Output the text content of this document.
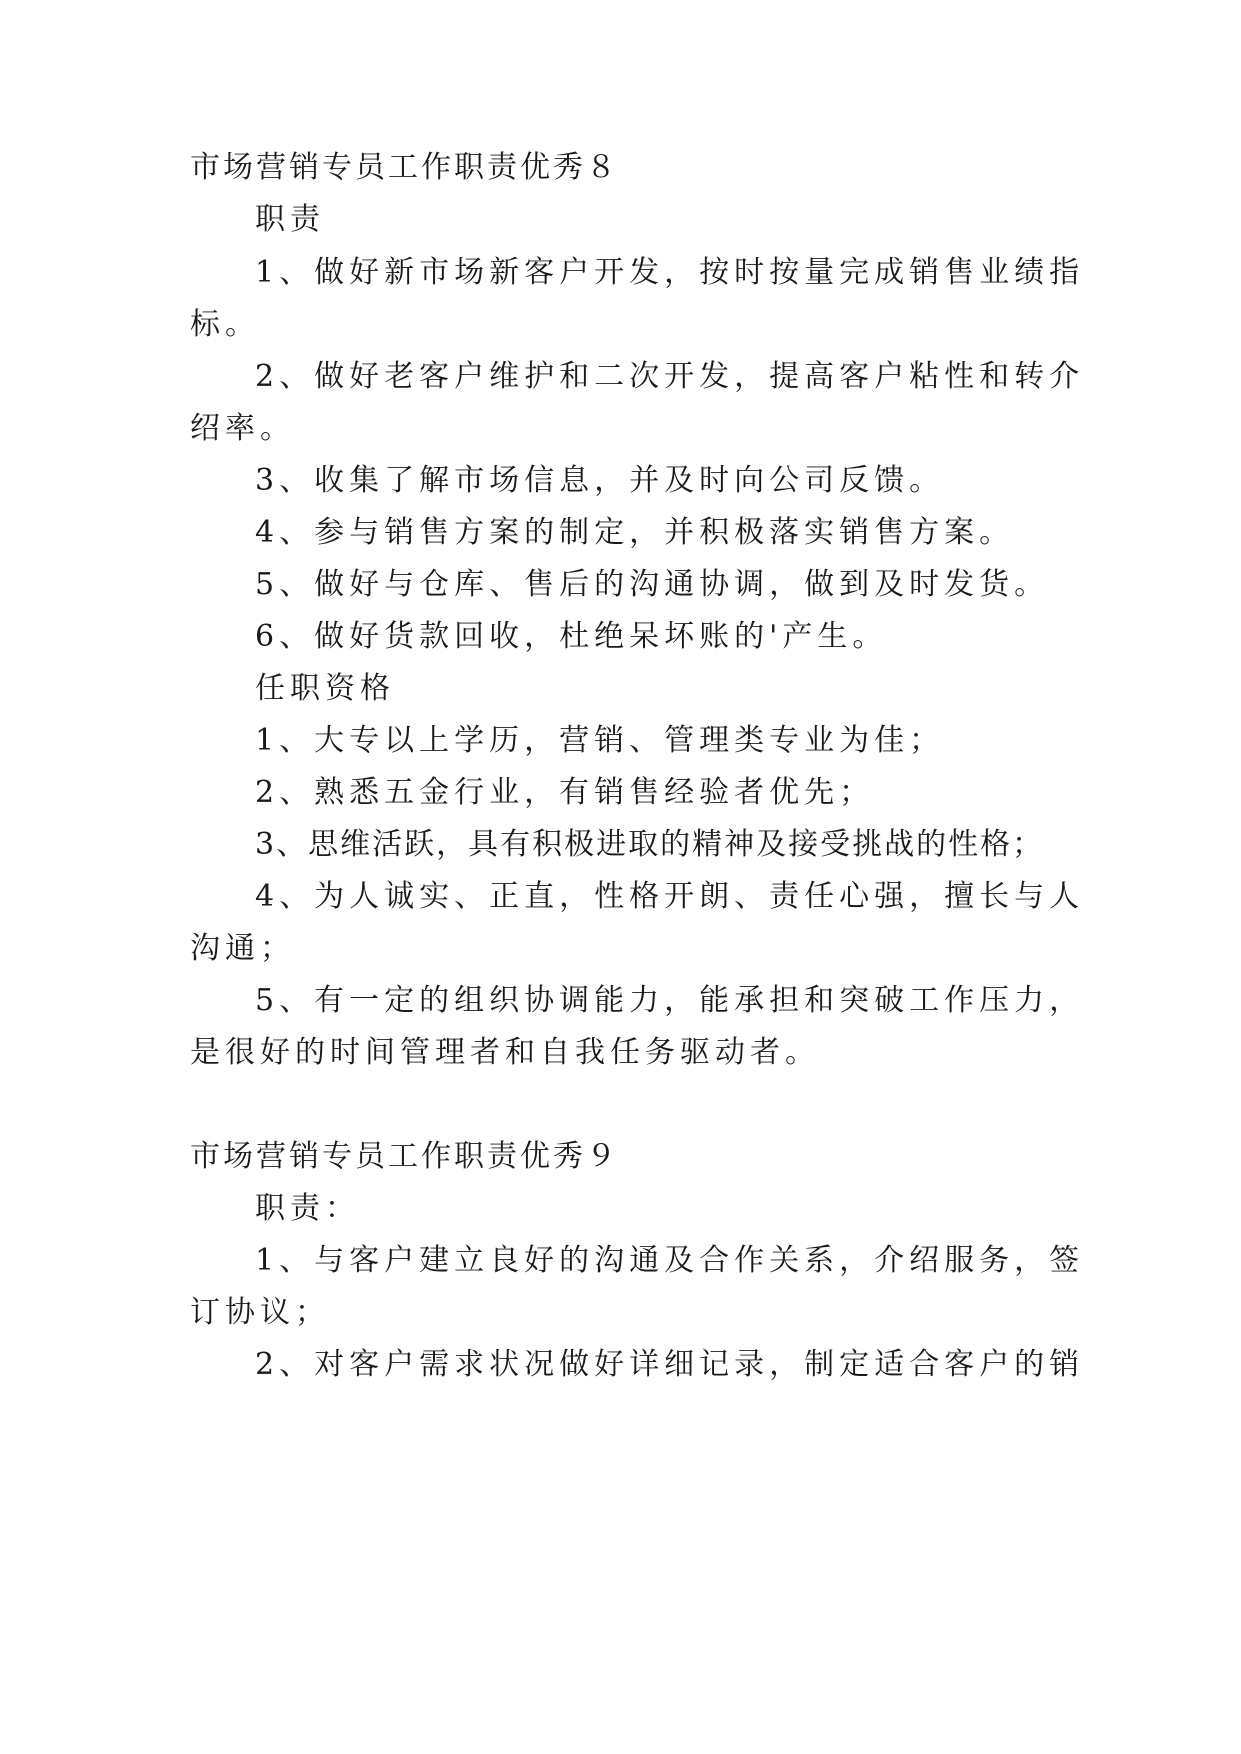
市场营销专员工作职责优秀８
职责
1、做好新市场新客户开发，按时按量完成销售业绩指
标。
2、做好老客户维护和二次开发，提高客户粘性和转介
绍率。
3、收集了解市场信息，并及时向公司反馈。
4、参与销售方案的制定，并积极落实销售方案。
5、做好与仓库、售后的沟通协调，做到及时发货。
6、做好货款回收，杜绝呆坏账的'产生。
任职资格
1、大专以上学历，营销、管理类专业为佳；
2、熟悉五金行业，有销售经验者优先；
3、思维活跃，具有积极进取的精神及接受挑战的性格；
4、为人诚实、正直，性格开朗、责任心强，擅长与人
沟通；
5、有一定的组织协调能力，能承担和突破工作压力，
是很好的时间管理者和自我任务驱动者。
市场营销专员工作职责优秀９
职责：
1、与客户建立良好的沟通及合作关系，介绍服务，签
订协议；
2、对客户需求状况做好详细记录，制定适合客户的销
